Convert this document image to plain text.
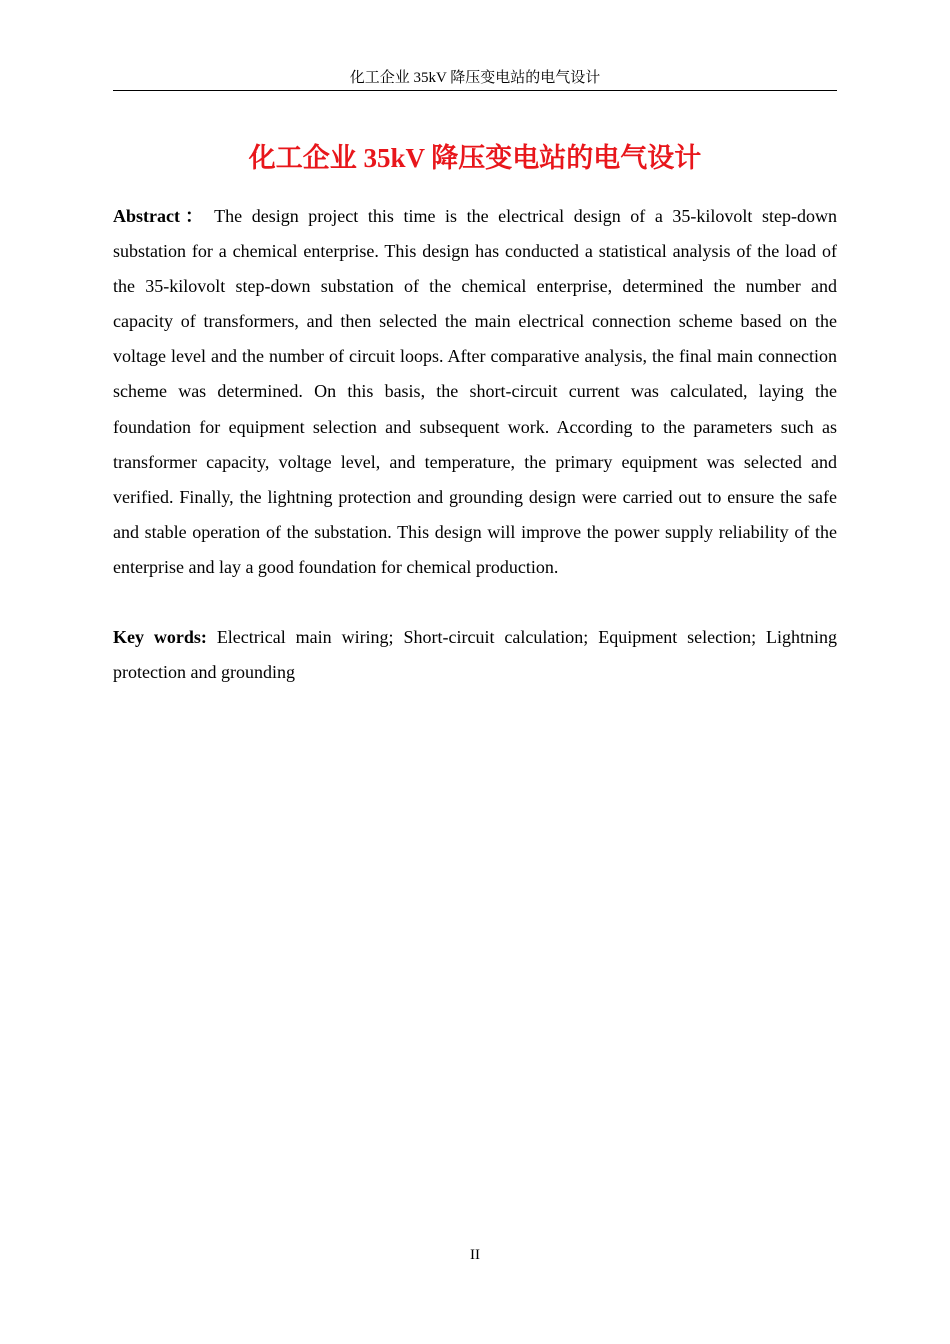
化工企业 35kV 降压变电站的电气设计
化工企业 35kV 降压变电站的电气设计

Abstract： The design project this time is the electrical design of a 35-kilovolt step-down substation for a chemical enterprise. This design has conducted a statistical analysis of the load of the 35-kilovolt step-down substation of the chemical enterprise, determined the number and capacity of transformers, and then selected the main electrical connection scheme based on the voltage level and the number of circuit loops. After comparative analysis, the final main connection scheme was determined. On this basis, the short-circuit current was calculated, laying the foundation for equipment selection and subsequent work. According to the parameters such as transformer capacity, voltage level, and temperature, the primary equipment was selected and verified. Finally, the lightning protection and grounding design were carried out to ensure the safe and stable operation of the substation. This design will improve the power supply reliability of the enterprise and lay a good foundation for chemical production.

Key words: Electrical main wiring; Short-circuit calculation; Equipment selection; Lightning protection and grounding

II
